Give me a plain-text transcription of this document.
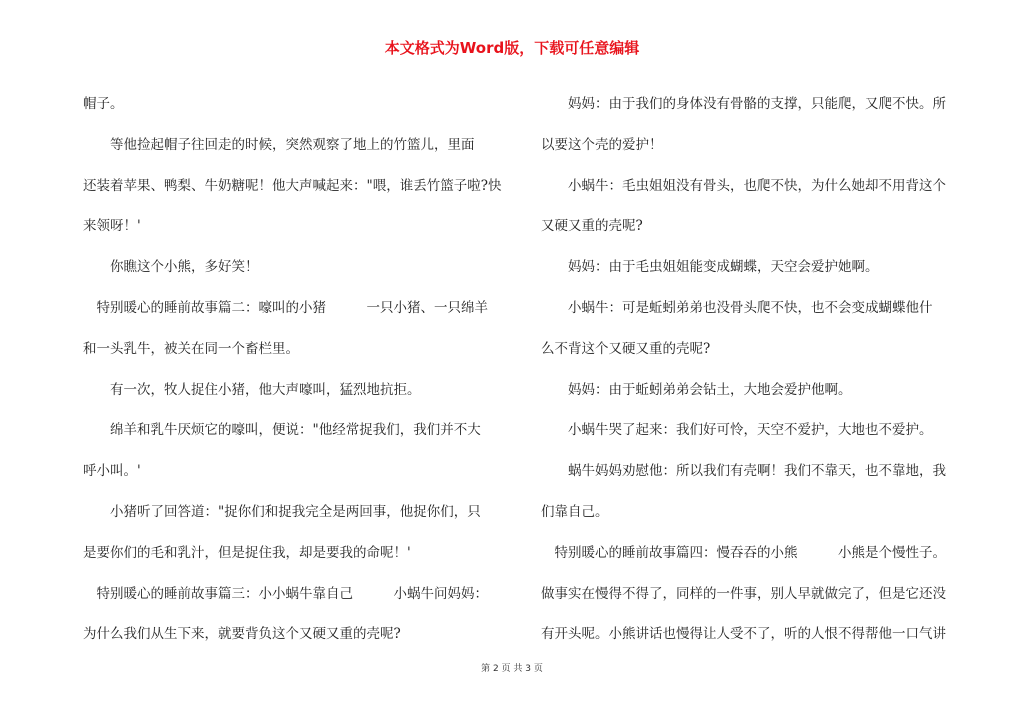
本文格式为Word版，下载可任意编辑
帽子。
　　等他捡起帽子往回走的时候，突然观察了地上的竹篮儿，里面
还装着苹果、鸭梨、牛奶糖呢！他大声喊起来："喂，谁丢竹篮子啦?快
来领呀！'
　　你瞧这个小熊，多好笑！
　特别暖心的睡前故事篇二：嚎叫的小猪　　　一只小猪、一只绵羊
和一头乳牛，被关在同一个畜栏里。
　　有一次，牧人捉住小猪，他大声嚎叫，猛烈地抗拒。
　　绵羊和乳牛厌烦它的嚎叫，便说："他经常捉我们，我们并不大
呼小叫。'
　　小猪听了回答道："捉你们和捉我完全是两回事，他捉你们，只
是要你们的毛和乳汁，但是捉住我，却是要我的命呢！'
　特别暖心的睡前故事篇三：小小蜗牛靠自己　　　小蜗牛问妈妈：
为什么我们从生下来，就要背负这个又硬又重的壳呢?
　　妈妈：由于我们的身体没有骨骼的支撑，只能爬，又爬不快。所
以要这个壳的爱护！
　　小蜗牛：毛虫姐姐没有骨头，也爬不快，为什么她却不用背这个
又硬又重的壳呢?
　　妈妈：由于毛虫姐姐能变成蝴蝶，天空会爱护她啊。
　　小蜗牛：可是蚯蚓弟弟也没骨头爬不快，也不会变成蝴蝶他什
么不背这个又硬又重的壳呢?
　　妈妈：由于蚯蚓弟弟会钻土，大地会爱护他啊。
　　小蜗牛哭了起来：我们好可怜，天空不爱护，大地也不爱护。
　　蜗牛妈妈劝慰他：所以我们有壳啊！我们不靠天，也不靠地，我
们靠自己。
　特别暖心的睡前故事篇四：慢吞吞的小熊　　　小熊是个慢性子。
做事实在慢得不得了，同样的一件事，别人早就做完了，但是它还没
有开头呢。小熊讲话也慢得让人受不了，听的人恨不得帮他一口气讲
第 2 页 共 3 页
